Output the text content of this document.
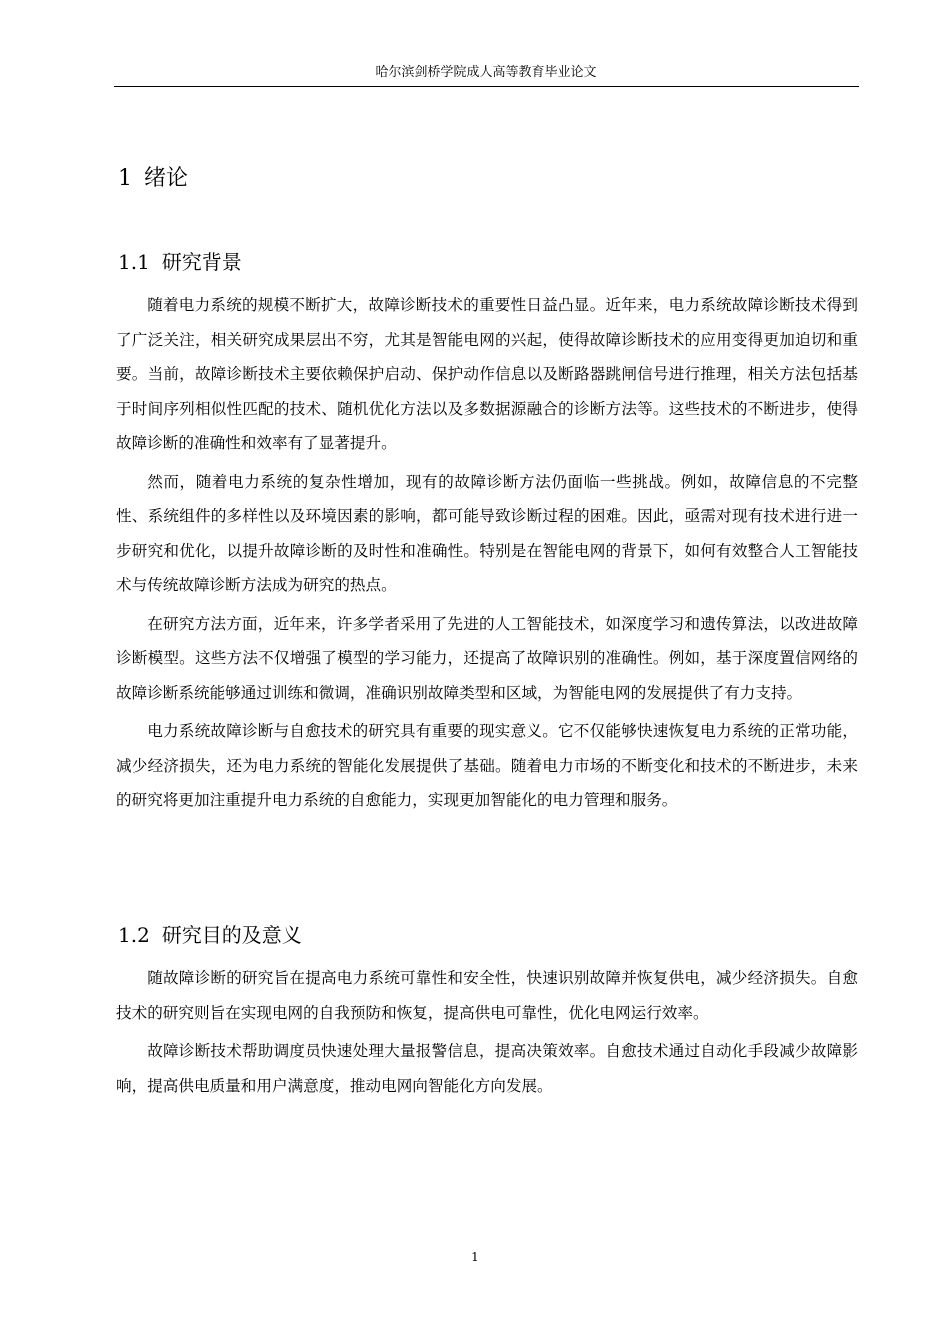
哈尔滨剑桥学院成人高等教育毕业论文
1 绪论
1.1 研究背景

随着电力系统的规模不断扩大，故障诊断技术的重要性日益凸显。近年来，电力系统故障诊断技术得到了广泛关注，相关研究成果层出不穷，尤其是智能电网的兴起，使得故障诊断技术的应用变得更加迫切和重要。当前，故障诊断技术主要依赖保护启动、保护动作信息以及断路器跳闸信号进行推理，相关方法包括基于时间序列相似性匹配的技术、随机优化方法以及多数据源融合的诊断方法等。这些技术的不断进步，使得故障诊断的准确性和效率有了显著提升。

然而，随着电力系统的复杂性增加，现有的故障诊断方法仍面临一些挑战。例如，故障信息的不完整性、系统组件的多样性以及环境因素的影响，都可能导致诊断过程的困难。因此，亟需对现有技术进行进一步研究和优化，以提升故障诊断的及时性和准确性。特别是在智能电网的背景下，如何有效整合人工智能技术与传统故障诊断方法成为研究的热点。

在研究方法方面，近年来，许多学者采用了先进的人工智能技术，如深度学习和遗传算法，以改进故障诊断模型。这些方法不仅增强了模型的学习能力，还提高了故障识别的准确性。例如，基于深度置信网络的故障诊断系统能够通过训练和微调，准确识别故障类型和区域，为智能电网的发展提供了有力支持。

电力系统故障诊断与自愈技术的研究具有重要的现实意义。它不仅能够快速恢复电力系统的正常功能，减少经济损失，还为电力系统的智能化发展提供了基础。随着电力市场的不断变化和技术的不断进步，未来的研究将更加注重提升电力系统的自愈能力，实现更加智能化的电力管理和服务。

1.2 研究目的及意义

随故障诊断的研究旨在提高电力系统可靠性和安全性，快速识别故障并恢复供电，减少经济损失。自愈技术的研究则旨在实现电网的自我预防和恢复，提高供电可靠性，优化电网运行效率。

故障诊断技术帮助调度员快速处理大量报警信息，提高决策效率。自愈技术通过自动化手段减少故障影响，提高供电质量和用户满意度，推动电网向智能化方向发展。

1
